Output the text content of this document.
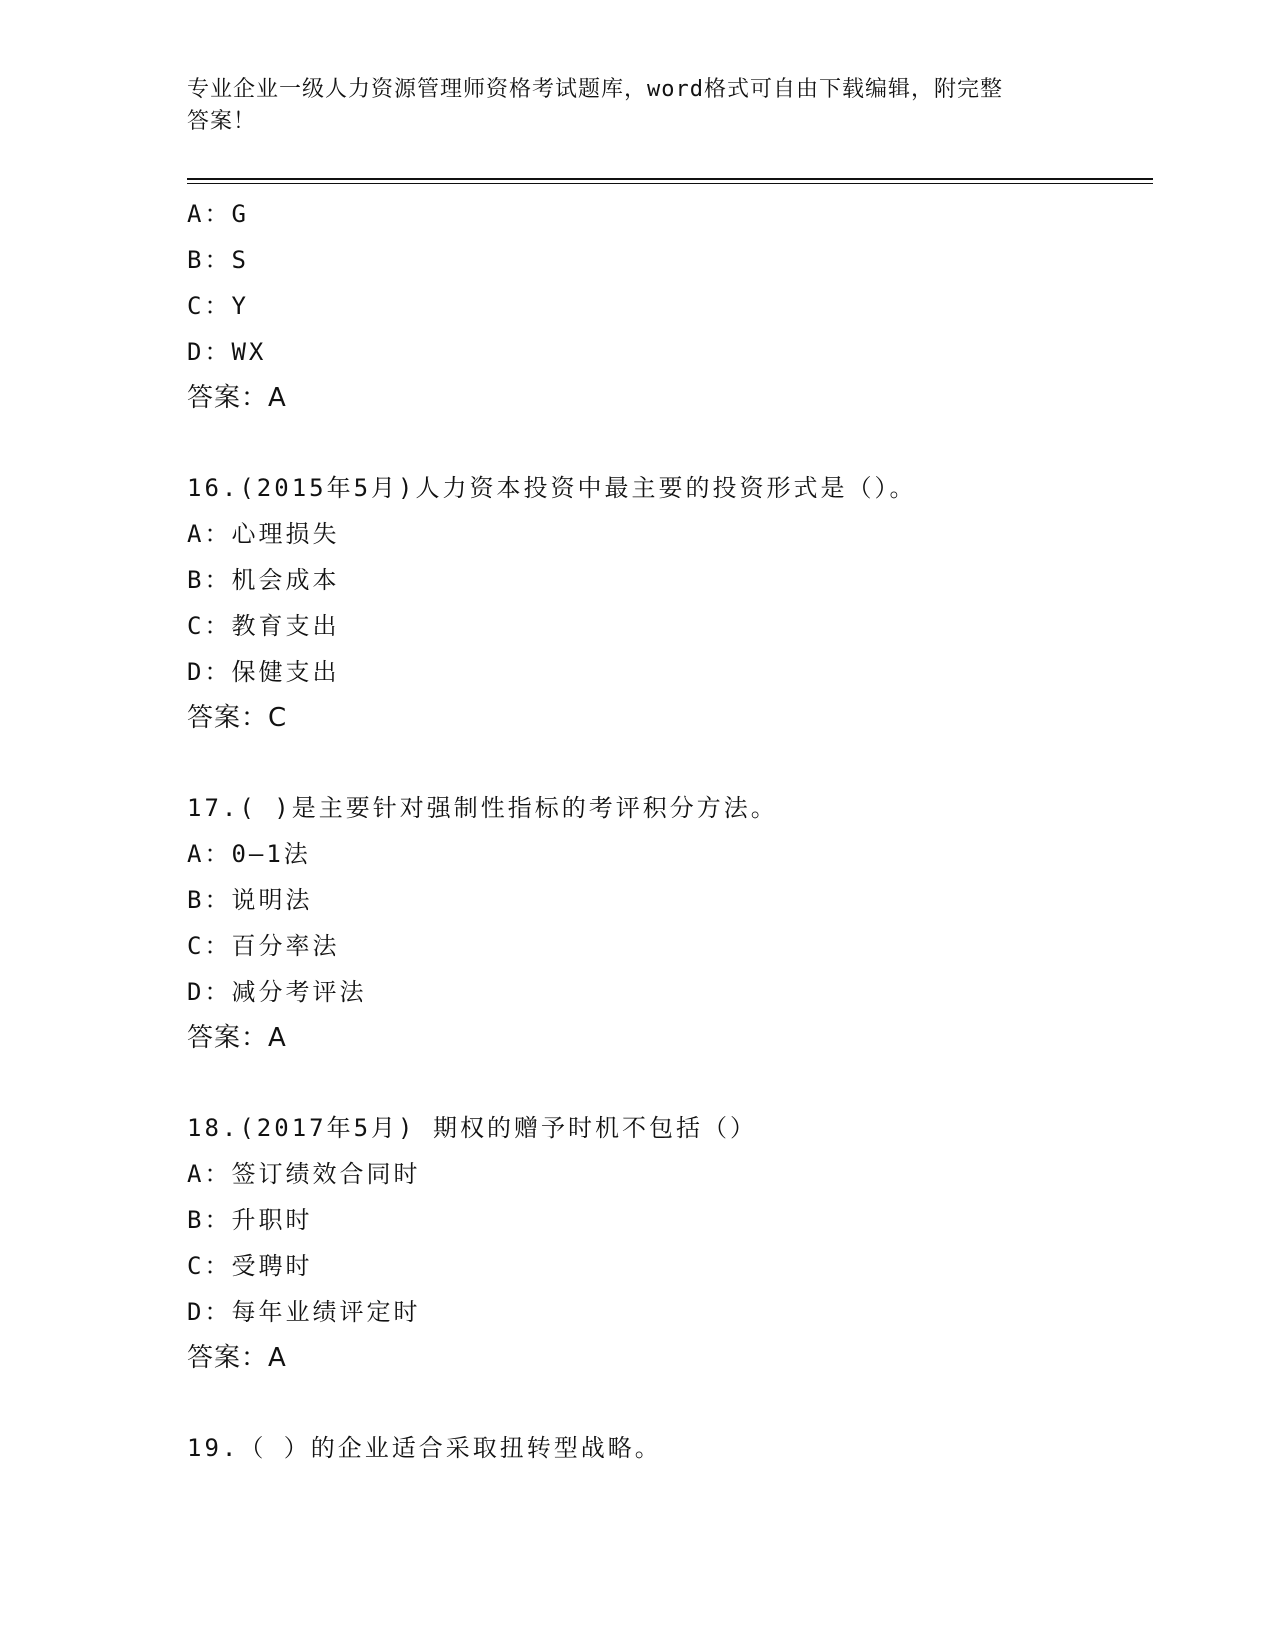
专业企业一级人力资源管理师资格考试题库，word格式可自由下载编辑，附完整
答案！
A：G
B：S
C：Y
D：WX
答案：A
16.(2015年5月)人力资本投资中最主要的投资形式是（）。
A：心理损失
B：机会成本
C：教育支出
D：保健支出
答案：C
17.( )是主要针对强制性指标的考评积分方法。
A：0—1法
B：说明法
C：百分率法
D：减分考评法
答案：A
18.(2017年5月) 期权的赠予时机不包括（）
A：签订绩效合同时
B：升职时
C：受聘时
D：每年业绩评定时
答案：A
19.（ ）的企业适合采取扭转型战略。
